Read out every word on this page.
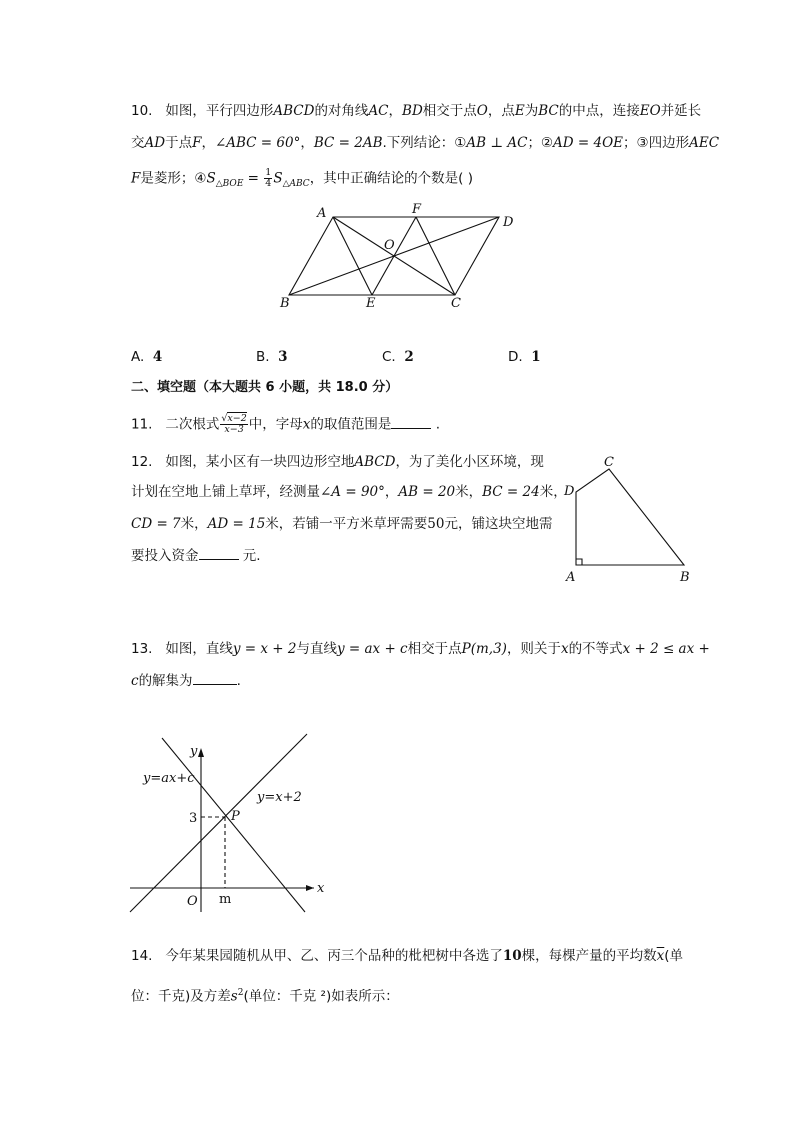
10. 如图，平行四边形ABCD的对角线AC，BD相交于点O，点E为BC的中点，连接EO并延长
交AD于点F，∠ABC = 60°，BC = 2AB.下列结论：①AB ⊥ AC；②AD = 4OE；③四边形AEC
F是菱形；$④S_{\triangle BOE} = \frac{1}{4} S_{\triangle ABC}$，其中正确结论的个数是( )
A	F
D
O
B	E	C
A. 4	B. 3	C. 2	D. 1
二、填空题（本大题共 6 小题，共 18.0 分）
11. 二次根式 $\frac{√x-2}{x-3}$ 中，字母x的取值范围是	.
12. 如图，某小区有一块四边形空地ABCD，为了美化小区环境，现
计划在空地上铺上草坪，经测量∠A = 90°，AB = 20米，BC = 24米，
CD = 7米，AD = 15米，若铺一平方米草坪需要50元，铺这块空地需
要投入资金	元.
C
D
A	B
13. 如图，直线y = x + 2与直线y = ax + c相交于点P(m,3)，则关于x的不等式x + 2 ≤ ax +
c的解集为	.
y
x
O
y=ax+c
y=x+2
3	P
m
14. 今年某果园随机从甲、乙、丙三个品种的枇杷树中各选了10棵，每棵产量的平均数$\overline{x}$(单
位：千克)及方差$s^2$(单位：千克 ²)如表所示：
